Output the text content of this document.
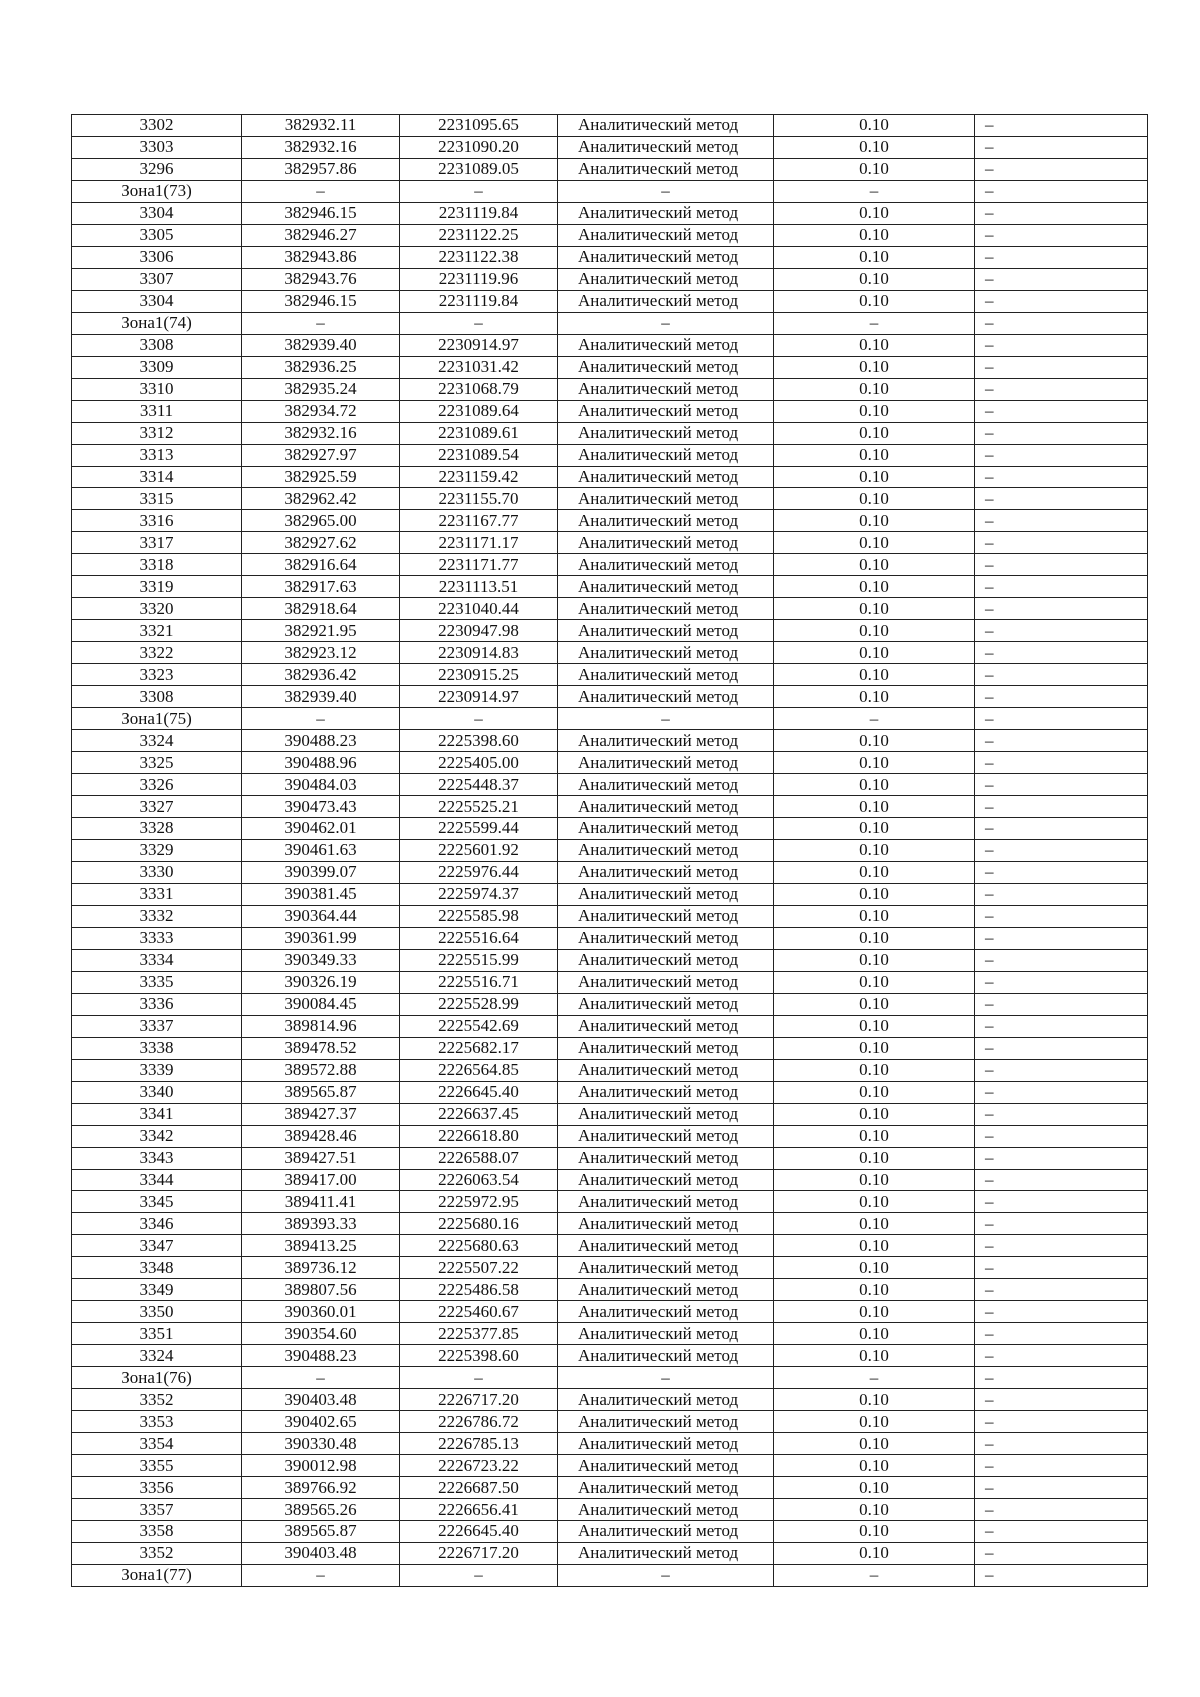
3302	382932.11	2231095.65	Аналитический метод	0.10	–
3303	382932.16	2231090.20	Аналитический метод	0.10	–
3296	382957.86	2231089.05	Аналитический метод	0.10	–
Зона1(73)	–	–	–	–	–
3304	382946.15	2231119.84	Аналитический метод	0.10	–
3305	382946.27	2231122.25	Аналитический метод	0.10	–
3306	382943.86	2231122.38	Аналитический метод	0.10	–
3307	382943.76	2231119.96	Аналитический метод	0.10	–
3304	382946.15	2231119.84	Аналитический метод	0.10	–
Зона1(74)	–	–	–	–	–
3308	382939.40	2230914.97	Аналитический метод	0.10	–
3309	382936.25	2231031.42	Аналитический метод	0.10	–
3310	382935.24	2231068.79	Аналитический метод	0.10	–
3311	382934.72	2231089.64	Аналитический метод	0.10	–
3312	382932.16	2231089.61	Аналитический метод	0.10	–
3313	382927.97	2231089.54	Аналитический метод	0.10	–
3314	382925.59	2231159.42	Аналитический метод	0.10	–
3315	382962.42	2231155.70	Аналитический метод	0.10	–
3316	382965.00	2231167.77	Аналитический метод	0.10	–
3317	382927.62	2231171.17	Аналитический метод	0.10	–
3318	382916.64	2231171.77	Аналитический метод	0.10	–
3319	382917.63	2231113.51	Аналитический метод	0.10	–
3320	382918.64	2231040.44	Аналитический метод	0.10	–
3321	382921.95	2230947.98	Аналитический метод	0.10	–
3322	382923.12	2230914.83	Аналитический метод	0.10	–
3323	382936.42	2230915.25	Аналитический метод	0.10	–
3308	382939.40	2230914.97	Аналитический метод	0.10	–
Зона1(75)	–	–	–	–	–
3324	390488.23	2225398.60	Аналитический метод	0.10	–
3325	390488.96	2225405.00	Аналитический метод	0.10	–
3326	390484.03	2225448.37	Аналитический метод	0.10	–
3327	390473.43	2225525.21	Аналитический метод	0.10	–
3328	390462.01	2225599.44	Аналитический метод	0.10	–
3329	390461.63	2225601.92	Аналитический метод	0.10	–
3330	390399.07	2225976.44	Аналитический метод	0.10	–
3331	390381.45	2225974.37	Аналитический метод	0.10	–
3332	390364.44	2225585.98	Аналитический метод	0.10	–
3333	390361.99	2225516.64	Аналитический метод	0.10	–
3334	390349.33	2225515.99	Аналитический метод	0.10	–
3335	390326.19	2225516.71	Аналитический метод	0.10	–
3336	390084.45	2225528.99	Аналитический метод	0.10	–
3337	389814.96	2225542.69	Аналитический метод	0.10	–
3338	389478.52	2225682.17	Аналитический метод	0.10	–
3339	389572.88	2226564.85	Аналитический метод	0.10	–
3340	389565.87	2226645.40	Аналитический метод	0.10	–
3341	389427.37	2226637.45	Аналитический метод	0.10	–
3342	389428.46	2226618.80	Аналитический метод	0.10	–
3343	389427.51	2226588.07	Аналитический метод	0.10	–
3344	389417.00	2226063.54	Аналитический метод	0.10	–
3345	389411.41	2225972.95	Аналитический метод	0.10	–
3346	389393.33	2225680.16	Аналитический метод	0.10	–
3347	389413.25	2225680.63	Аналитический метод	0.10	–
3348	389736.12	2225507.22	Аналитический метод	0.10	–
3349	389807.56	2225486.58	Аналитический метод	0.10	–
3350	390360.01	2225460.67	Аналитический метод	0.10	–
3351	390354.60	2225377.85	Аналитический метод	0.10	–
3324	390488.23	2225398.60	Аналитический метод	0.10	–
Зона1(76)	–	–	–	–	–
3352	390403.48	2226717.20	Аналитический метод	0.10	–
3353	390402.65	2226786.72	Аналитический метод	0.10	–
3354	390330.48	2226785.13	Аналитический метод	0.10	–
3355	390012.98	2226723.22	Аналитический метод	0.10	–
3356	389766.92	2226687.50	Аналитический метод	0.10	–
3357	389565.26	2226656.41	Аналитический метод	0.10	–
3358	389565.87	2226645.40	Аналитический метод	0.10	–
3352	390403.48	2226717.20	Аналитический метод	0.10	–
Зона1(77)	–	–	–	–	–
